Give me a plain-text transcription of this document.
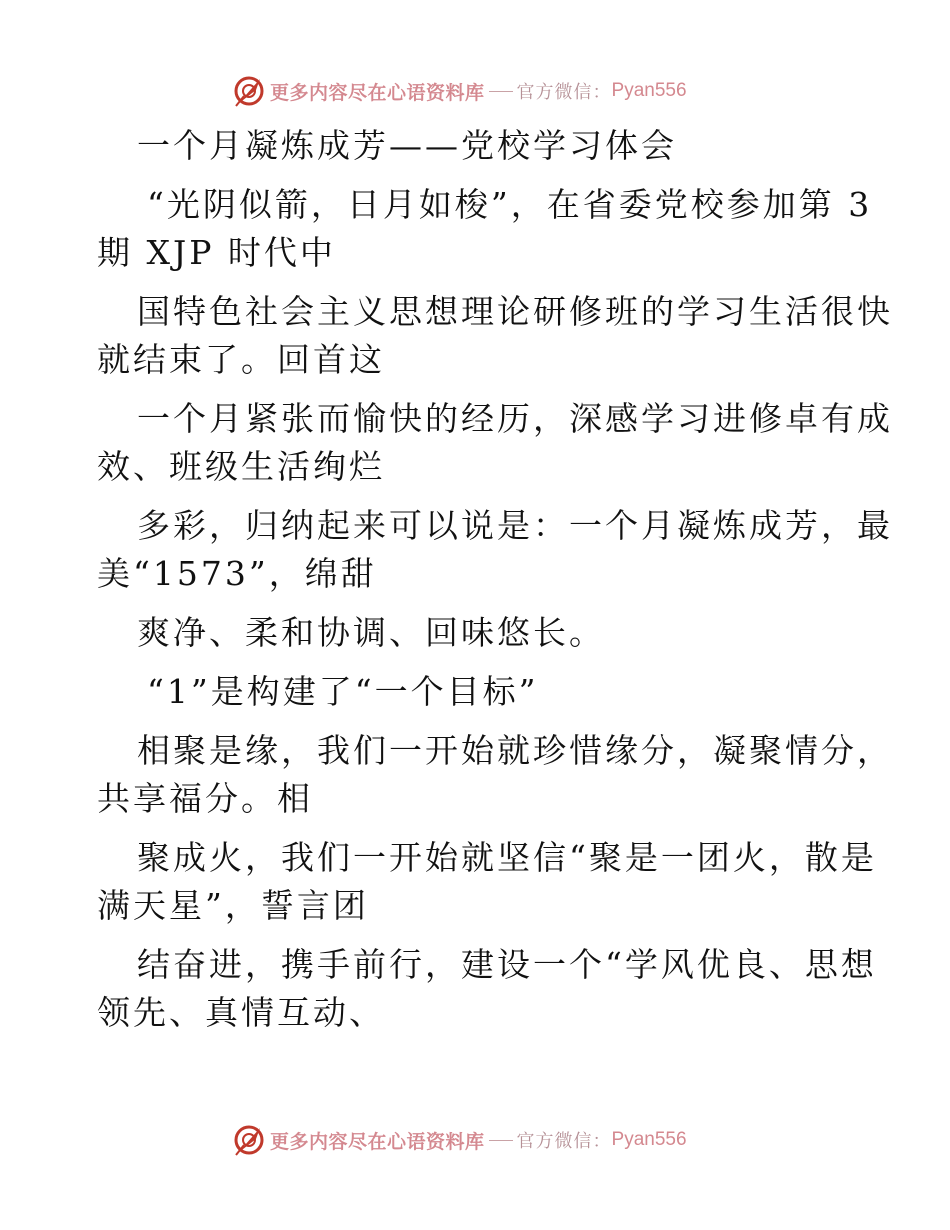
更多内容尽在心语资料库 官方微信： Pyan556
一个月凝炼成芳——党校学习体会
“光阴似箭，日月如梭”，在省委党校参加第 3
期 XJP 时代中
国特色社会主义思想理论研修班的学习生活很快
就结束了。回首这
一个月紧张而愉快的经历，深感学习进修卓有成
效、班级生活绚烂
多彩，归纳起来可以说是：一个月凝炼成芳，最
美“1573”，绵甜
爽净、柔和协调、回味悠长。
“1”是构建了“一个目标”
相聚是缘，我们一开始就珍惜缘分，凝聚情分，
共享福分。相
聚成火，我们一开始就坚信“聚是一团火，散是
满天星”，誓言团
结奋进，携手前行，建设一个“学风优良、思想
领先、真情互动、
更多内容尽在心语资料库 官方微信： Pyan556
